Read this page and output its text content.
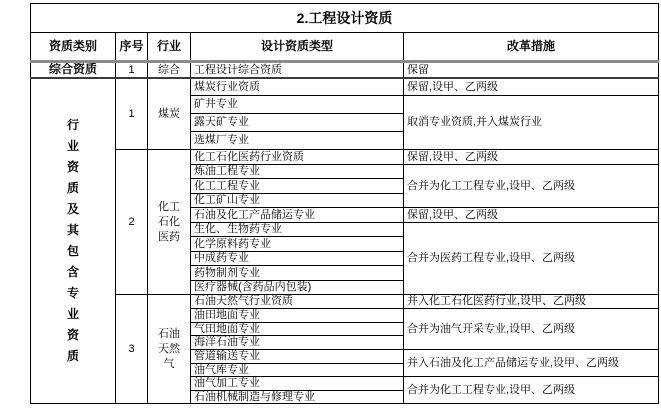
2.工程设计资质				
资质类别	序号	行业	设计资质类型	改革措施
综合资质	1	综合	工程设计综合资质	保留
行业资质及其包含专业资质	1	煤炭	煤炭行业资质	保留,设甲、乙两级
			矿井专业	取消专业资质,并入煤炭行业
			露天矿专业	
			选煤厂专业	
	2	化工石化医药	化工石化医药行业资质	保留,设甲、乙两级
			炼油工程专业	合并为化工工程专业,设甲、乙两级
			化工工程专业	
			化工矿山专业	
			石油及化工产品储运专业	保留,设甲、乙两级
			生化、生物药专业	合并为医药工程专业,设甲、乙两级
			化学原料药专业	
			中成药专业	
			药物制剂专业	
			医疗器械(含药品内包装)	
	3	石油天然气	石油天然气行业资质	并入化工石化医药行业,设甲、乙两级
			油田地面专业	合并为油气开采专业,设甲、乙两级
			气田地面专业	
			海洋石油专业	
			管道输送专业	并入石油及化工产品储运专业,设甲、乙两级
			油气库专业	
			油气加工专业	合并为化工工程专业,设甲、乙两级
			石油机械制造与修理专业	
